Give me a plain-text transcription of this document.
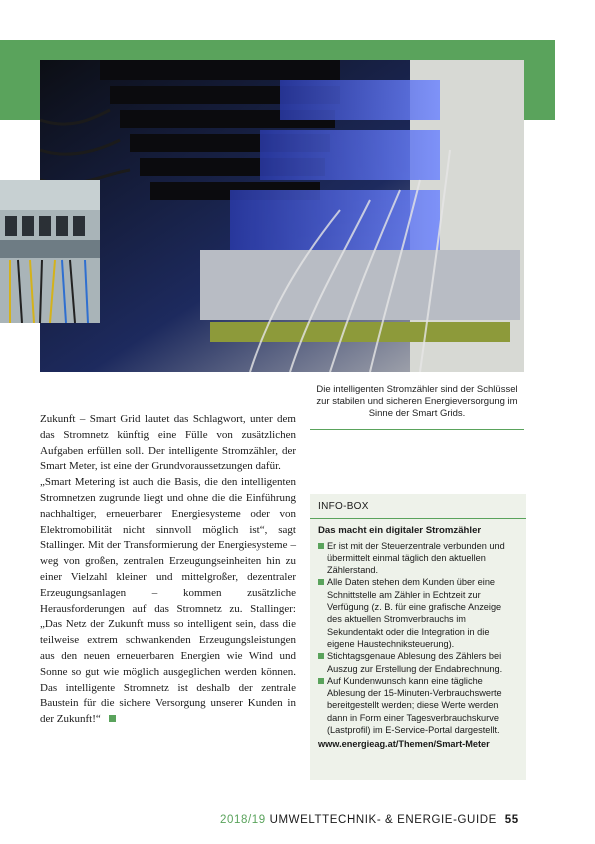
Die intelligenten Stromzähler sind der Schlüssel zur stabilen und sicheren Energieversorgung im Sinne der Smart Grids.

Zukunft – Smart Grid lautet das Schlagwort, unter dem das Stromnetz künftig eine Fülle von zusätzlichen Aufgaben erfüllen soll. Der intelligente Stromzähler, der Smart Meter, ist eine der Grundvoraussetzungen dafür.

„Smart Metering ist auch die Basis, die den intelligenten Stromnetzen zugrunde liegt und ohne die die Einführung nachhaltiger, erneuerbarer Energiesysteme oder von Elektromobilität nicht sinnvoll möglich ist“, sagt Stallinger. Mit der Transformierung der Energiesysteme – weg von großen, zentralen Erzeugungseinheiten hin zu einer Vielzahl kleiner und mittelgroßer, dezentraler Erzeugungsanlagen – kommen zusätzliche Herausforderungen auf das Stromnetz zu. Stallinger: „Das Netz der Zukunft muss so intelligent sein, dass die teilweise extrem schwankenden Erzeugungsleistungen aus den neuen erneuerbaren Energien wie Wind und Sonne so gut wie möglich ausgeglichen werden können. Das intelligente Stromnetz ist deshalb der zentrale Baustein für die sichere Versorgung unserer Kunden in der Zukunft!“

INFO-BOX
Das macht ein digitaler Stromzähler
Er ist mit der Steuerzentrale verbunden und übermittelt einmal täglich den aktuellen Zählerstand.
Alle Daten stehen dem Kunden über eine Schnittstelle am Zähler in Echtzeit zur Verfügung (z. B. für eine grafische Anzeige des aktuellen Stromverbrauchs im Sekundentakt oder die Integration in die eigene Haustechniksteuerung).
Stichtagsgenaue Ablesung des Zählers bei Auszug zur Erstellung der Endabrechnung.
Auf Kundenwunsch kann eine tägliche Ablesung der 15-Minuten-Verbrauchswerte bereitgestellt werden; diese Werte werden dann in Form einer Tagesverbrauchskurve (Lastprofil) im E-Service-Portal dargestellt.
www.energieag.at/Themen/Smart-Meter
2018/19 UMWELTTECHNIK- & ENERGIE-GUIDE 55
